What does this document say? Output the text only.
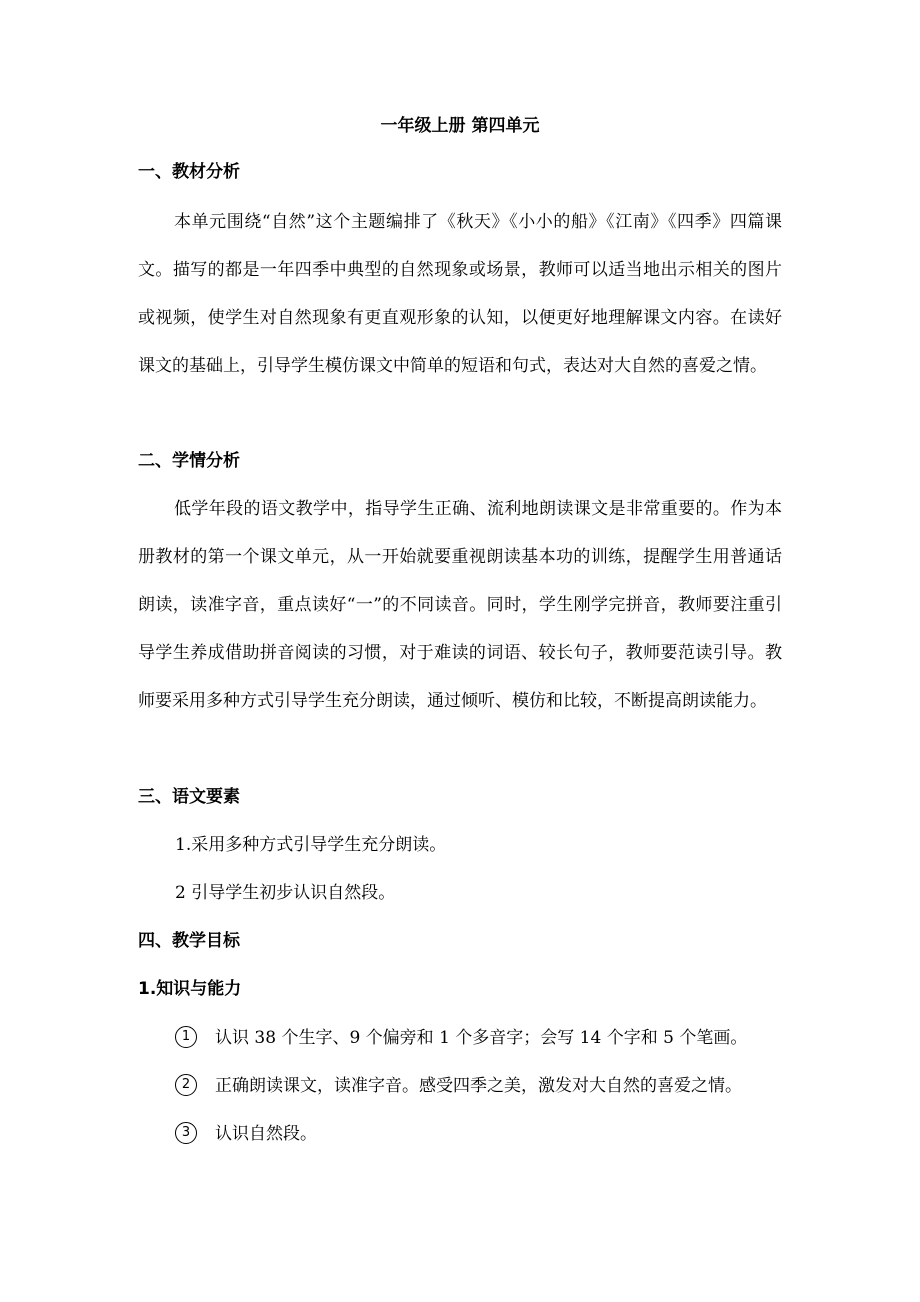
一年级上册 第四单元
一、教材分析
本单元围绕“自然”这个主题编排了《秋天》《小小的船》《江南》《四季》四篇课文。描写的都是一年四季中典型的自然现象或场景，教师可以适当地出示相关的图片或视频，使学生对自然现象有更直观形象的认知，以便更好地理解课文内容。在读好课文的基础上，引导学生模仿课文中简单的短语和句式，表达对大自然的喜爱之情。
二、学情分析
低学年段的语文教学中，指导学生正确、流利地朗读课文是非常重要的。作为本册教材的第一个课文单元，从一开始就要重视朗读基本功的训练，提醒学生用普通话朗读，读准字音，重点读好“一”的不同读音。同时，学生刚学完拼音，教师要注重引导学生养成借助拼音阅读的习惯，对于难读的词语、较长句子，教师要范读引导。教师要采用多种方式引导学生充分朗读，通过倾听、模仿和比较，不断提高朗读能力。
三、语文要素
1.采用多种方式引导学生充分朗读。
2 引导学生初步认识自然段。
四、教学目标
1.知识与能力
1 认识 38 个生字、9 个偏旁和 1 个多音字；会写 14 个字和 5 个笔画。
2 正确朗读课文，读准字音。感受四季之美，激发对大自然的喜爱之情。
3 认识自然段。
